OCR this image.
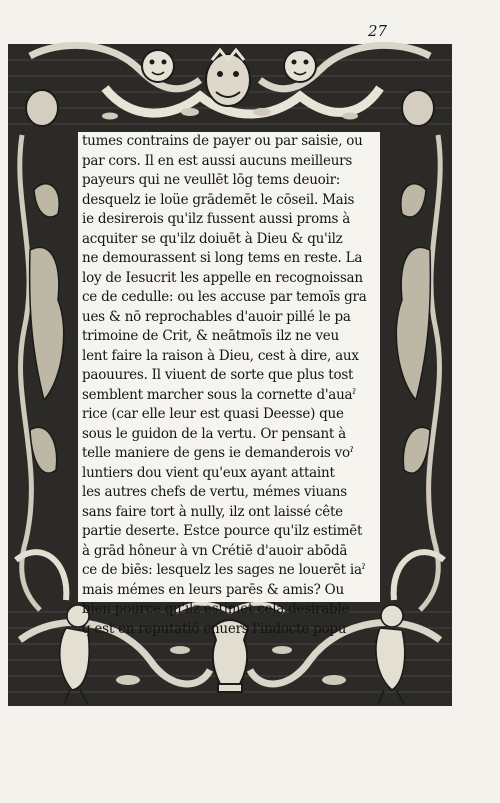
27
tumes contrains de payer ou par saisie, ou
par cors. Il en est aussi aucuns meilleurs
payeurs qui ne veullēt lōg tems deuoir:
desquelz ie loüe grādemēt le cōseil. Mais
ie desirerois qu'ilz fussent aussi proms à
acquiter se qu'ilz doiuēt à Dieu & qu'ilz
ne demourassent si long tems en reste. La
loy de Iesucrit les appelle en recognoissan
ce de cedulle: ou les accuse par temoīs gra
ues & nō reprochables d'auoir pillé le pa
trimoine de Crit, & neātmoīs ilz ne veu
lent faire la raison à Dieu, cest à dire, aux
paouures. Il viuent de sorte que plus tost
semblent marcher sous la cornette d'auaˀ
rice (car elle leur est quasi Deesse) que
sous le guidon de la vertu. Or pensant à
telle maniere de gens ie demanderois voˀ
luntiers dou vient qu'eux ayant attaint
les autres chefs de vertu, mémes viuans
sans faire tort à nully, ilz ont laissé cête
partie deserte. Estce pource qu'ilz estimēt
à grād hôneur à vn Crétiē d'auoir abōdā
ce de biēs: lesquelz les sages ne louerēt iaˀ
mais mémes en leurs parēs & amis? Ou
bien pource qu'ilz estimēt cela desirable
q est en reputatiō enuers l'indocte popu
